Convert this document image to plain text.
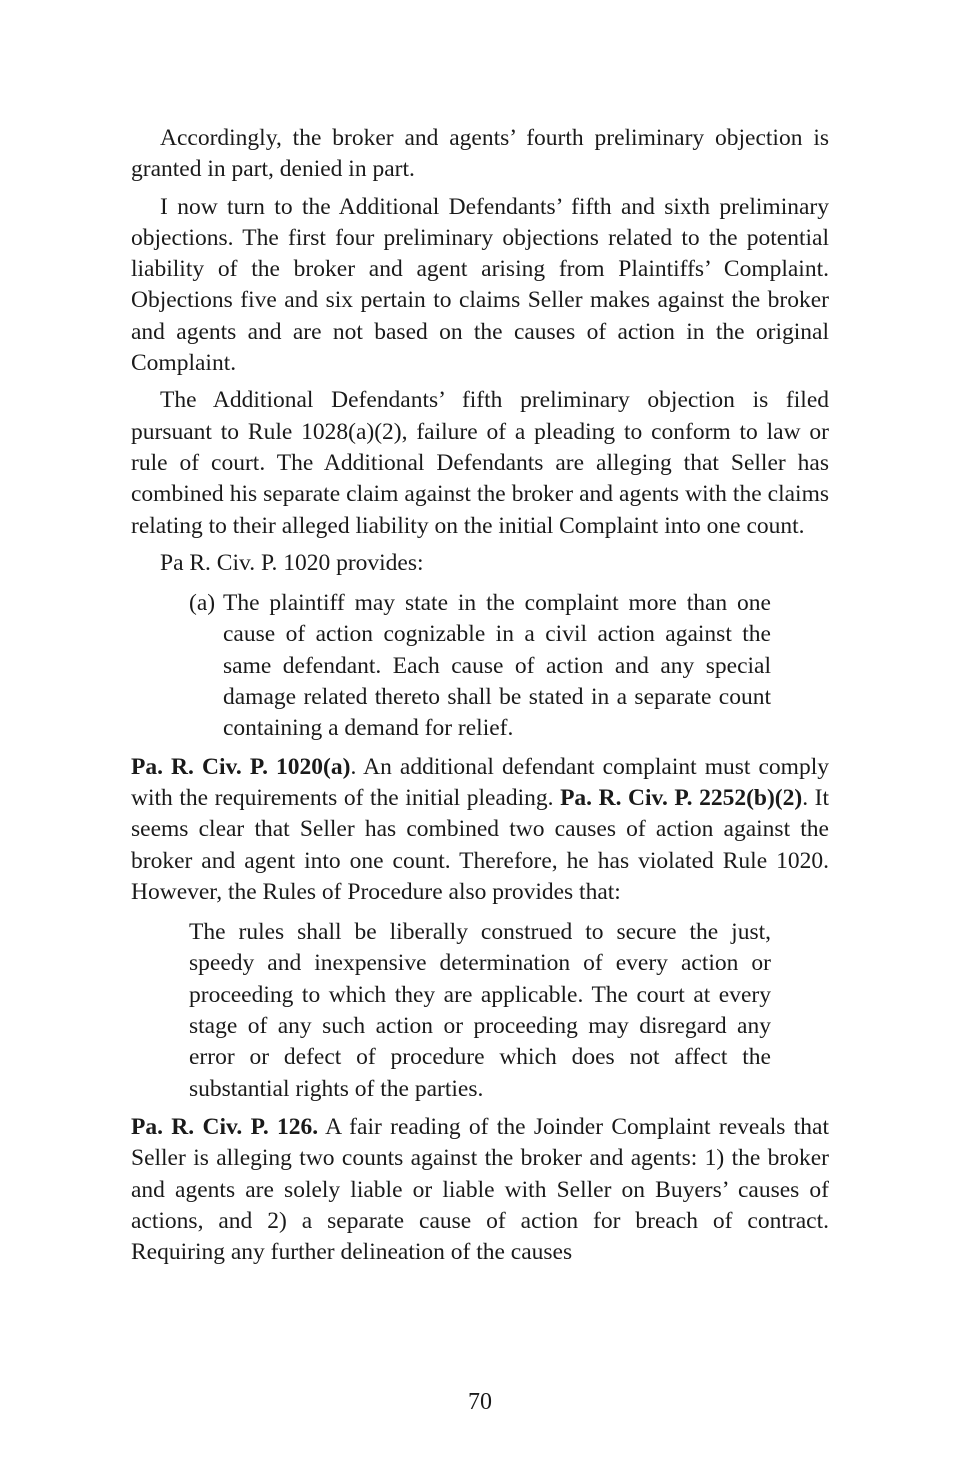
Accordingly, the broker and agents’ fourth preliminary objection is granted in part, denied in part.

I now turn to the Additional Defendants’ fifth and sixth preliminary objections. The first four preliminary objections related to the potential liability of the broker and agent arising from Plaintiffs’ Complaint. Objections five and six pertain to claims Seller makes against the broker and agents and are not based on the causes of action in the original Complaint.

The Additional Defendants’ fifth preliminary objection is filed pursuant to Rule 1028(a)(2), failure of a pleading to conform to law or rule of court. The Additional Defendants are alleging that Seller has combined his separate claim against the broker and agents with the claims relating to their alleged liability on the initial Complaint into one count.

Pa R. Civ. P. 1020 provides:

(a) The plaintiff may state in the complaint more than one cause of action cognizable in a civil action against the same defendant. Each cause of action and any special damage related thereto shall be stated in a separate count containing a demand for relief.

Pa. R. Civ. P. 1020(a). An additional defendant complaint must comply with the requirements of the initial pleading. Pa. R. Civ. P. 2252(b)(2). It seems clear that Seller has combined two causes of action against the broker and agent into one count. Therefore, he has violated Rule 1020. However, the Rules of Procedure also provides that:

The rules shall be liberally construed to secure the just, speedy and inexpensive determination of every action or proceeding to which they are applicable. The court at every stage of any such action or proceeding may disregard any error or defect of procedure which does not affect the substantial rights of the parties.

Pa. R. Civ. P. 126. A fair reading of the Joinder Complaint reveals that Seller is alleging two counts against the broker and agents: 1) the broker and agents are solely liable or liable with Seller on Buyers’ causes of actions, and 2) a separate cause of action for breach of contract. Requiring any further delineation of the causes

70
